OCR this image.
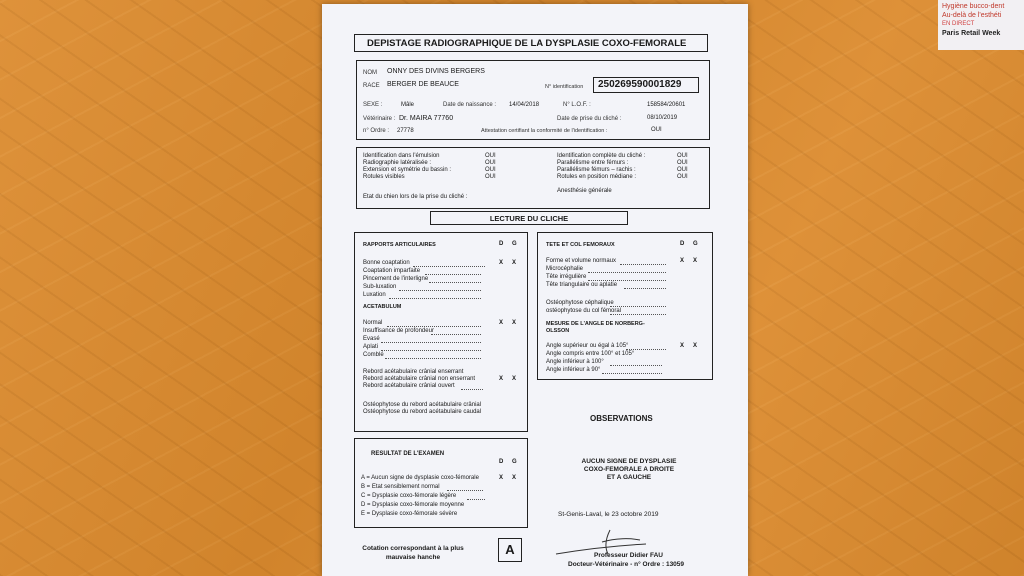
Hygiène bucco-dent
Au-delà de l'esthéti
EN DIRECT
Paris Retail Week
DEPISTAGE RADIOGRAPHIQUE DE LA DYSPLASIE COXO-FEMORALE
NOM ONNY DES DIVINS BERGERS
RACE BERGER DE BEAUCE	N° identification	250269590001829
SEXE :	Mâle	Date de naissance : 14/04/2018	N° L.O.F. :	158584/20601
Vétérinaire : Dr. MAIRA 77760	Date de prise du cliché :	08/10/2019
n° Ordre : 27778	Attestation certifiant la conformité de l'identification :	OUI
Identification dans l'émulsion	OUI
Radiographie latéralisée :	OUI
Extension et symétrie du bassin :	OUI
Rotules visibles	OUI
Identification complète du cliché :	OUI
Parallélisme entre fémurs :	OUI
Parallélisme fémurs – rachis :	OUI
Rotules en position médiane :	OUI
Anesthésie générale
Etat du chien lors de la prise du cliché :
LECTURE DU CLICHE
RAPPORTS ARTICULAIRES	D G
Bonne coaptation	X X
Coaptation imparfaite
Pincement de l'interligne
Sub-luxation
Luxation
ACETABULUM
Normal	X X
Insuffisance de profondeur
Evasé
Aplati
Comblé
Rebord acétabulaire crânial enserrant
Rebord acétabulaire crânial non enserrant	X X
Rebord acétabulaire crânial ouvert
Ostéophytose du rebord acétabulaire crânial
Ostéophytose du rebord acétabulaire caudal
TETE ET COL FEMORAUX	D G
Forme et volume normaux	X X
Microcéphalie
Tête irrégulière
Tête triangulaire ou aplatie
Ostéophytose céphalique
ostéophytose du col fémoral
MESURE DE L'ANGLE DE NORBERG-
OLSSON
Angle supérieur ou égal à 105°	X X
Angle compris entre 100° et 105°
Angle inférieur à 100°
Angle inférieur à 90°
RESULTAT DE L'EXAMEN
D G
A = Aucun signe de dysplasie coxo-fémorale	X X
B = Etat sensiblement normal
C = Dysplasie coxo-fémorale légère
D = Dysplasie coxo-fémorale moyenne
E = Dysplasie coxo-fémorale sévère
Cotation correspondant à la plus
mauvaise hanche
A
OBSERVATIONS
AUCUN SIGNE DE DYSPLASIE
COXO-FEMORALE A DROITE
ET A GAUCHE
St-Genis-Laval, le 23 octobre 2019
Professeur Didier FAU
Docteur-Vétérinaire - n° Ordre : 13059
